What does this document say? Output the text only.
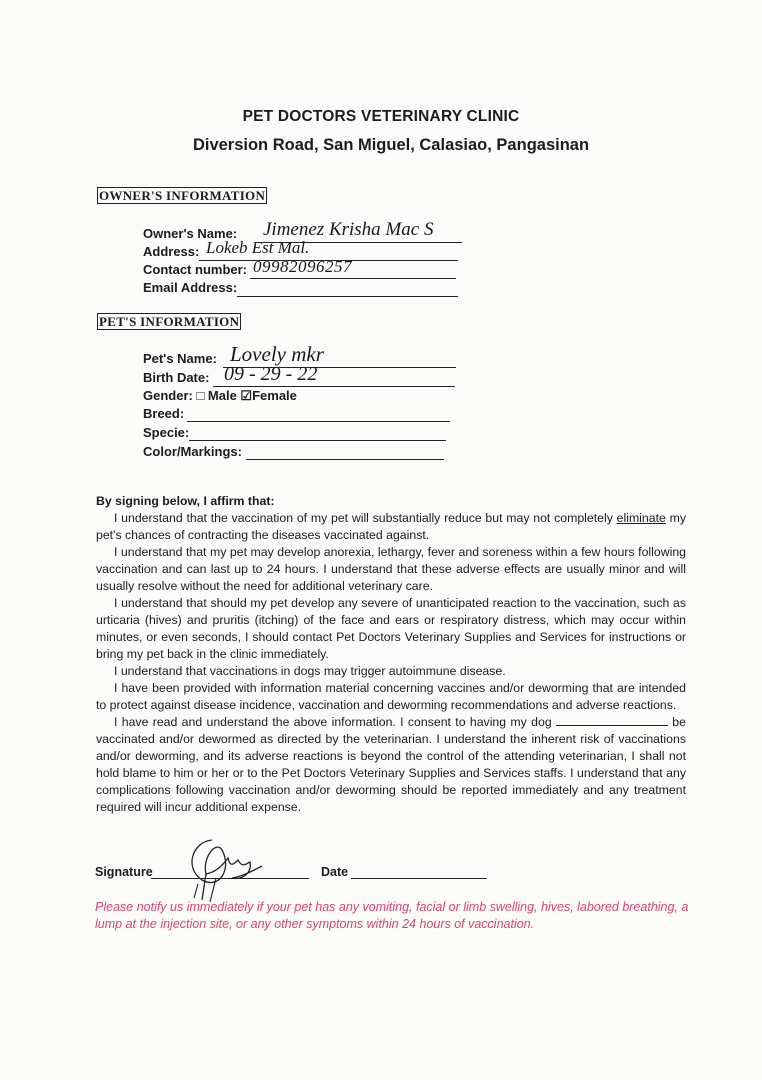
PET DOCTORS VETERINARY CLINIC
Diversion Road, San Miguel, Calasiao, Pangasinan
OWNER'S INFORMATION
Owner's Name: Jimenez Krisha Mac S
Address: Lokeb Est Mal.
Contact number: 09982096257
Email Address:
PET'S INFORMATION
Pet's Name: Lovely mkr
Birth Date: 09 - 29 - 22
Gender: □ Male ☑Female
Breed:
Specie:
Color/Markings:

By signing below, I affirm that:

I understand that the vaccination of my pet will substantially reduce but may not completely eliminate my pet's chances of contracting the diseases vaccinated against.

I understand that my pet may develop anorexia, lethargy, fever and soreness within a few hours following vaccination and can last up to 24 hours. I understand that these adverse effects are usually minor and will usually resolve without the need for additional veterinary care.

I understand that should my pet develop any severe of unanticipated reaction to the vaccination, such as urticaria (hives) and pruritis (itching) of the face and ears or respiratory distress, which may occur within minutes, or even seconds, I should contact Pet Doctors Veterinary Supplies and Services for instructions or bring my pet back in the clinic immediately.

I understand that vaccinations in dogs may trigger autoimmune disease.

I have been provided with information material concerning vaccines and/or deworming that are intended to protect against disease incidence, vaccination and deworming recommendations and adverse reactions.

I have read and understand the above information. I consent to having my dog	be vaccinated and/or dewormed as directed by the veterinarian. I understand the inherent risk of vaccinations and/or deworming, and its adverse reactions is beyond the control of the attending veterinarian, I shall not hold blame to him or her or to the Pet Doctors Veterinary Supplies and Services staffs. I understand that any complications following vaccination and/or deworming should be reported immediately and any treatment required will incur additional expense.

Signature	Date
Please notify us immediately if your pet has any vomiting, facial or limb swelling, hives, labored breathing, a lump at the injection site, or any other symptoms within 24 hours of vaccination.
